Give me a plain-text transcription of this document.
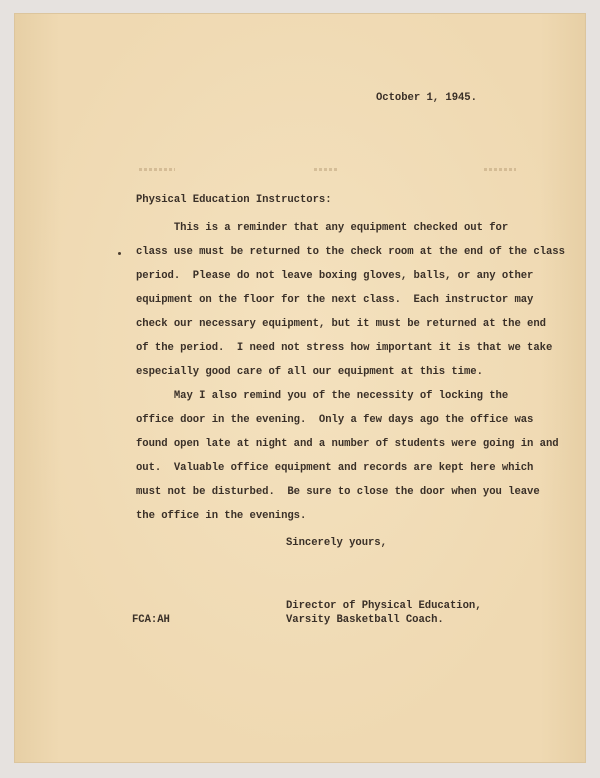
October 1, 1945.
Physical Education Instructors:
This is a reminder that any equipment checked out for
class use must be returned to the check room at the end of the class
period.  Please do not leave boxing gloves, balls, or any other
equipment on the floor for the next class.  Each instructor may
check our necessary equipment, but it must be returned at the end
of the period.  I need not stress how important it is that we take
especially good care of all our equipment at this time.
May I also remind you of the necessity of locking the
office door in the evening.  Only a few days ago the office was
found open late at night and a number of students were going in and
out.  Valuable office equipment and records are kept here which
must not be disturbed.  Be sure to close the door when you leave
the office in the evenings.
Sincerely yours,
FCA:AH
Director of Physical Education,
Varsity Basketball Coach.
